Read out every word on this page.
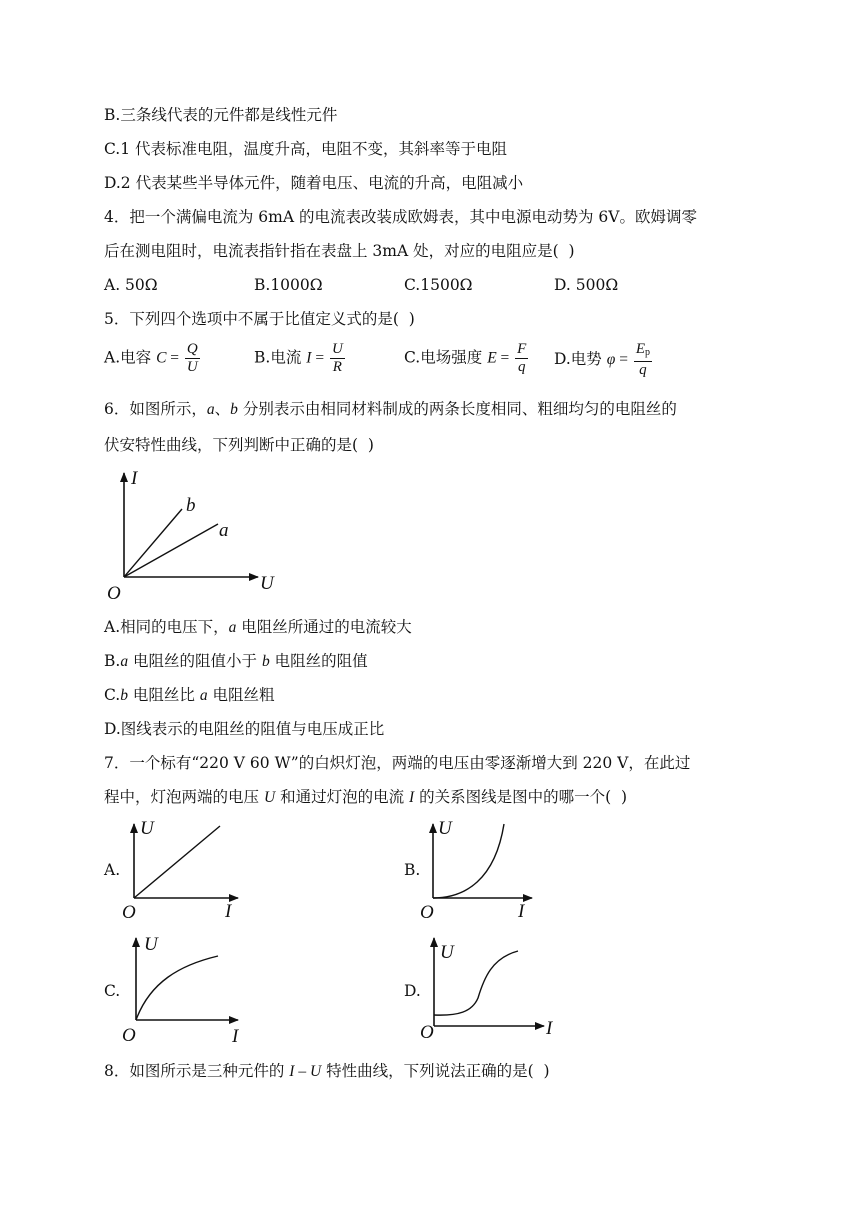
B.三条线代表的元件都是线性元件
C.1 代表标准电阻，温度升高，电阻不变，其斜率等于电阻
D.2 代表某些半导体元件，随着电压、电流的升高，电阻减小
4．把一个满偏电流为 6mA 的电流表改装成欧姆表，其中电源电动势为 6V。欧姆调零
后在测电阻时，电流表指针指在表盘上 3mA 处，对应的电阻应是(  )
A. 50Ω	B.1000Ω	C.1500Ω	D. 500Ω
5．下列四个选项中不属于比值定义式的是(  )
A.电容 $C = \frac{Q}{U}$	B.电流 $I = \frac{U}{R}$	C.电场强度 $E = \frac{F}{q} D$.电势 $\varphi = \frac{E_p}{q}$
6．如图所示，a、b 分别表示由相同材料制成的两条长度相同、粗细均匀的电阻丝的
伏安特性曲线，下列判断中正确的是(  )
I
U
O
b
a
A.相同的电压下，a 电阻丝所通过的电流较大
B.a 电阻丝的阻值小于 b 电阻丝的阻值
C.b 电阻丝比 a 电阻丝粗
D.图线表示的电阻丝的阻值与电压成正比
7．一个标有“220 V 60 W”的白炽灯泡，两端的电压由零逐渐增大到 220 V，在此过
程中，灯泡两端的电压 U 和通过灯泡的电流 I 的关系图线是图中的哪一个(  )
A.
U
I
O
B.
U
I
O
C.
U
I
O
D.
U
I
O
8．如图所示是三种元件的 I – U 特性曲线，下列说法正确的是(  )
